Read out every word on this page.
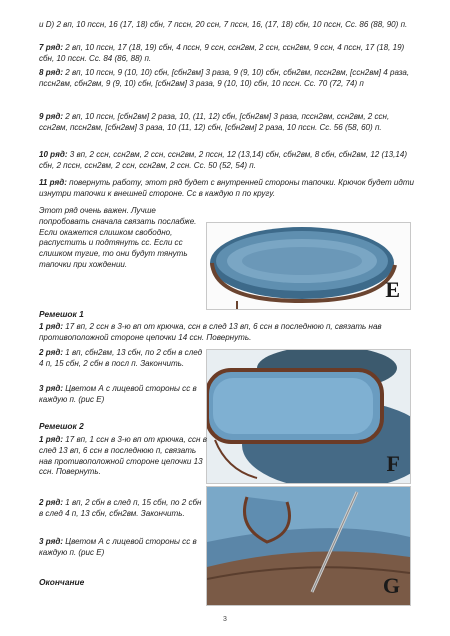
и D) 2 вп, 10 пссн, 16 (17, 18) сбн, 7 пссн, 20 ссн, 7 пссн, 16, (17, 18) сбн, 10 пссн, Сс. 86 (88, 90) п.

7 ряд: 2 вп, 10 пссн, 17 (18, 19) сбн, 4 пссн, 9 ссн, ссн2вм, 2 ссн, ссн2вм, 9 ссн, 4 пссн, 17 (18, 19) сбн, 10 пссн. Сс. 84 (86, 88) п.

8 ряд: 2 вп, 10 пссн, 9 (10, 10) сбн, [сбн2вм] 3 раза, 9 (9, 10) сбн, сбн2вм, пссн2вм, [ссн2вм] 4 раза, пссн2вм, сбн2вм, 9 (9, 10) сбн, [сбн2вм] 3 раза, 9 (10, 10) сбн, 10 пссн. Сс. 70 (72, 74) п

9 ряд: 2 вп, 10 пссн, [сбн2вм] 2 раза, 10, (11, 12) сбн, [сбн2вм] 3 раза, пссн2вм, ссн2вм, 2 ссн, ссн2вм, пссн2вм, [сбн2вм] 3 раза, 10 (11, 12) сбн, [сбн2вм] 2 раза, 10 пссн. Сс. 56 (58, 60) п.

10 ряд: 3 вп, 2 ссн, ссн2вм, 2 ссн, ссн2вм, 2 пссн, 12 (13,14) сбн, сбн2вм, 8 сбн, сбн2вм, 12 (13,14) сбн, 2 пссн, ссн2вм, 2 ссн, ссн2вм, 2 ссн. Сс. 50 (52, 54) п.

11 ряд: повернуть работу, этот ряд будет с внутренней стороны тапочки. Крючок будет идти изнутри тапочки к внешней стороне. Сс в каждую п по кругу.

Этот ряд очень важен. Лучше попробовать сначала связать послабже. Если окажется слишком свободно, распустить и подтянуть сс. Если сс слишком тугие, то они будут тянуть тапочки при хождении.

E

Ремешок 1

1 ряд: 17 вп, 2 ссн в 3-ю вп от крючка, ссн в след 13 вп, 6 ссн в последнюю п, связать нав противоположной стороне цепочки 14 ссн. Повернуть.

2 ряд: 1 вп, сбн2вм, 13 сбн, по 2 сбн в след 4 п, 15 сбн, 2 сбн в посл п. Закончить.

3 ряд: Цветом А с лицевой стороны сс в каждую п. (рис Е)

F

Ремешок 2

1 ряд: 17 вп, 1 ссн в 3-ю вп от крючка, ссн в след 13 вп, 6 ссн в последнюю п, связать нав противоположной стороне цепочки 13 ссн. Повернуть.

2 ряд: 1 вп, 2 сбн в след п, 15 сбн, по 2 сбн в след 4 п, 13 сбн, сбн2вм. Закончить.

3 ряд: Цветом А с лицевой стороны сс в каждую п. (рис Е)

G

Окончание

3
